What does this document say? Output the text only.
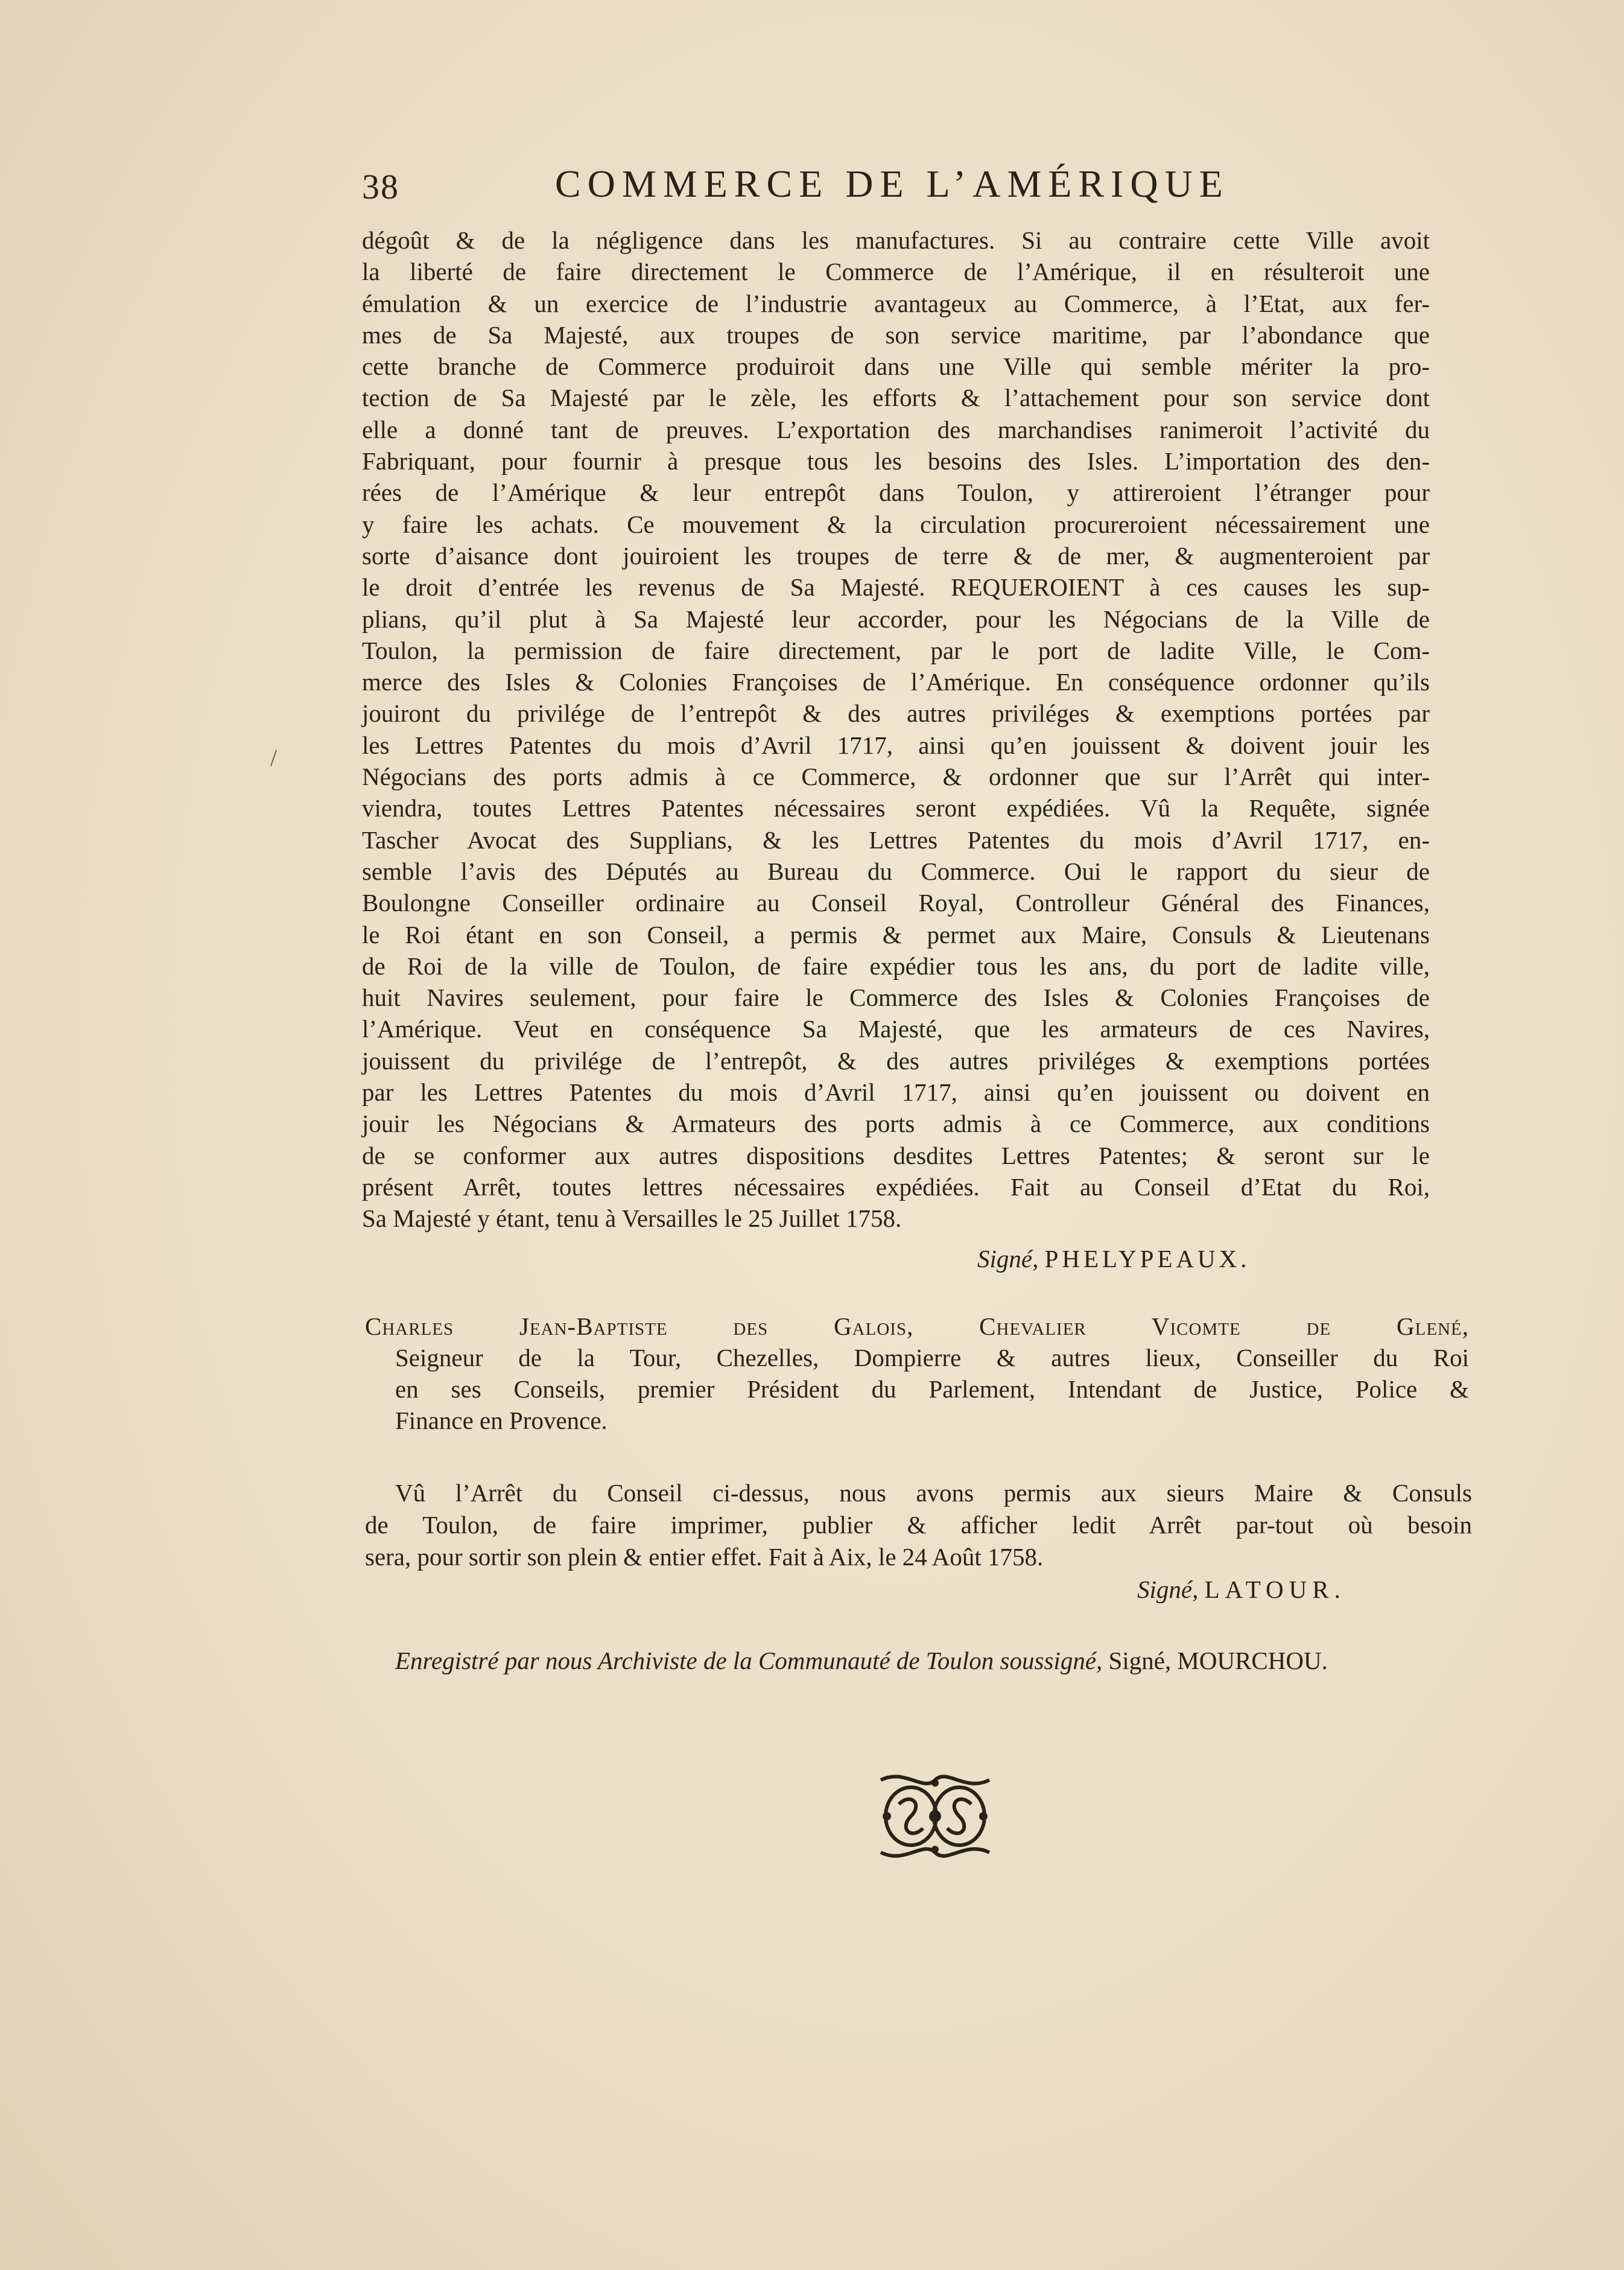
38	COMMERCE DE L’AMÉRIQUE
dégoût & de la négligence dans les manufactures. Si au contraire cette Ville avoit
la liberté de faire directement le Commerce de l’Amérique, il en résulteroit une
émulation & un exercice de l’industrie avantageux au Commerce, à l’Etat, aux fer-
mes de Sa Majesté, aux troupes de son service maritime, par l’abondance que
cette branche de Commerce produiroit dans une Ville qui semble mériter la pro-
tection de Sa Majesté par le zèle, les efforts & l’attachement pour son service dont
elle a donné tant de preuves. L’exportation des marchandises ranimeroit l’activité du
Fabriquant, pour fournir à presque tous les besoins des Isles. L’importation des den-
rées de l’Amérique & leur entrepôt dans Toulon, y attireroient l’étranger pour
y faire les achats. Ce mouvement & la circulation procureroient nécessairement une
sorte d’aisance dont jouiroient les troupes de terre & de mer, & augmenteroient par
le droit d’entrée les revenus de Sa Majesté. REQUEROIENT à ces causes les sup-
plians, qu’il plut à Sa Majesté leur accorder, pour les Négocians de la Ville de
Toulon, la permission de faire directement, par le port de ladite Ville, le Com-
merce des Isles & Colonies Françoises de l’Amérique. En conséquence ordonner qu’ils
jouiront du privilége de l’entrepôt & des autres priviléges & exemptions portées par
les Lettres Patentes du mois d’Avril 1717, ainsi qu’en jouissent & doivent jouir les
Négocians des ports admis à ce Commerce, & ordonner que sur l’Arrêt qui inter-
viendra, toutes Lettres Patentes nécessaires seront expédiées. Vû la Requête, signée
Tascher Avocat des Supplians, & les Lettres Patentes du mois d’Avril 1717, en-
semble l’avis des Députés au Bureau du Commerce. Oui le rapport du sieur de
Boulongne Conseiller ordinaire au Conseil Royal, Controlleur Général des Finances,
le Roi étant en son Conseil, a permis & permet aux Maire, Consuls & Lieutenans
de Roi de la ville de Toulon, de faire expédier tous les ans, du port de ladite ville,
huit Navires seulement, pour faire le Commerce des Isles & Colonies Françoises de
l’Amérique. Veut en conséquence Sa Majesté, que les armateurs de ces Navires,
jouissent du privilége de l’entrepôt, & des autres priviléges & exemptions portées
par les Lettres Patentes du mois d’Avril 1717, ainsi qu’en jouissent ou doivent en
jouir les Négocians & Armateurs des ports admis à ce Commerce, aux conditions
de se conformer aux autres dispositions desdites Lettres Patentes; & seront sur le
présent Arrêt, toutes lettres nécessaires expédiées. Fait au Conseil d’Etat du Roi,
Sa Majesté y étant, tenu à Versailles le 25 Juillet 1758.
Signé, PHELYPEAUX.
Charles Jean-Baptiste des Galois, Chevalier Vicomte de Glené,
Seigneur de la Tour, Chezelles, Dompierre & autres lieux, Conseiller du Roi
en ses Conseils, premier Président du Parlement, Intendant de Justice, Police &
Finance en Provence.
Vû l’Arrêt du Conseil ci-dessus, nous avons permis aux sieurs Maire & Consuls
de Toulon, de faire imprimer, publier & afficher ledit Arrêt par-tout où besoin
sera, pour sortir son plein & entier effet. Fait à Aix, le 24 Août 1758.
Signé, LATOUR.
Enregistré par nous Archiviste de la Communauté de Toulon soussigné, Signé, MOURCHOU.
/
